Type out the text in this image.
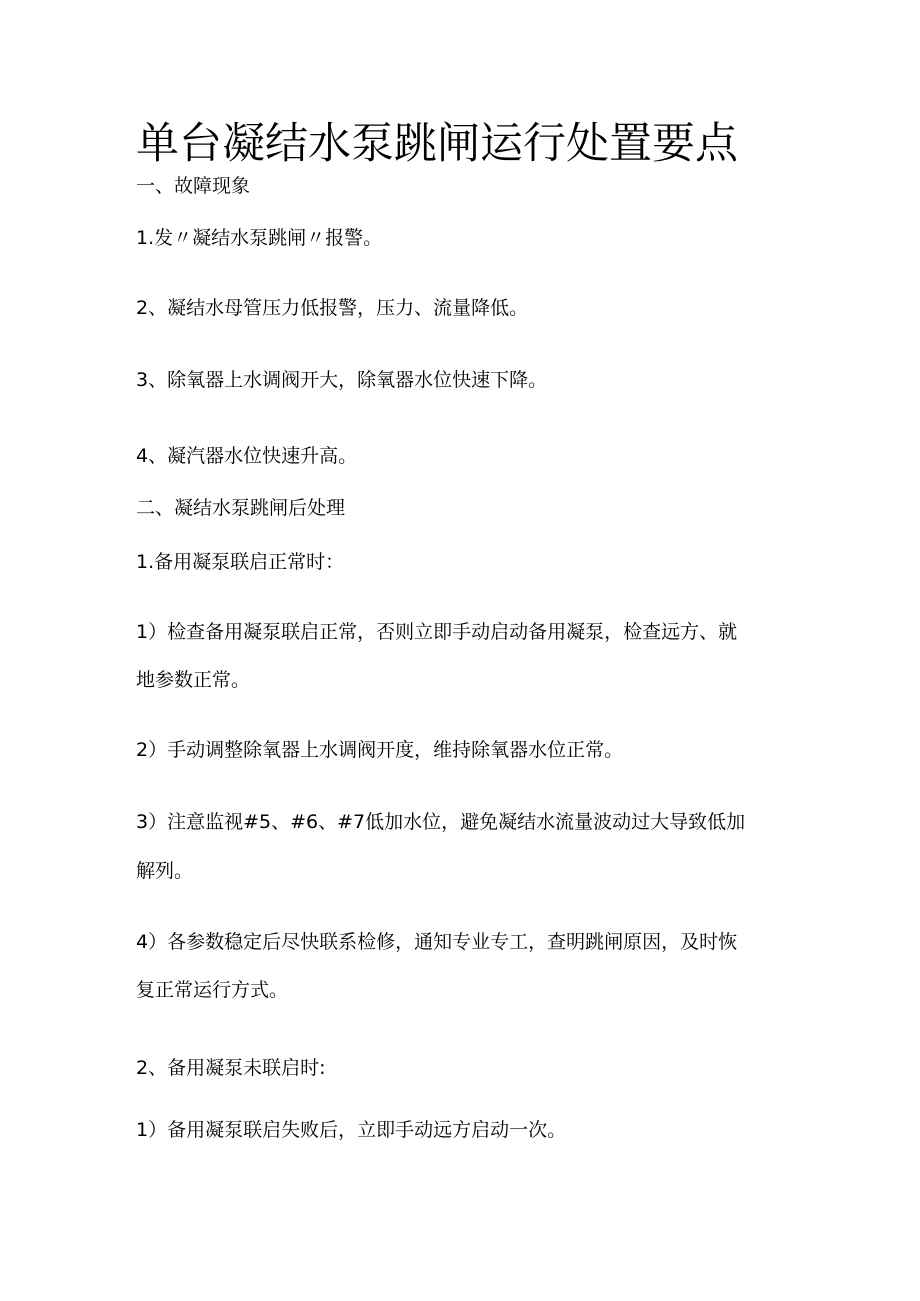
单台凝结水泵跳闸运行处置要点

一、故障现象

1.发〃凝结水泵跳闸〃报警。

2、凝结水母管压力低报警，压力、流量降低。

3、除氧器上水调阀开大，除氧器水位快速下降。

4、凝汽器水位快速升高。

二、凝结水泵跳闸后处理

1.备用凝泵联启正常时：

1）检查备用凝泵联启正常，否则立即手动启动备用凝泵，检查远方、就

地参数正常。

2）手动调整除氧器上水调阀开度，维持除氧器水位正常。

3）注意监视#5、#6、#7低加水位，避免凝结水流量波动过大导致低加

解列。

4）各参数稳定后尽快联系检修，通知专业专工，查明跳闸原因，及时恢

复正常运行方式。

2、备用凝泵未联启时:

1）备用凝泵联启失败后，立即手动远方启动一次。
